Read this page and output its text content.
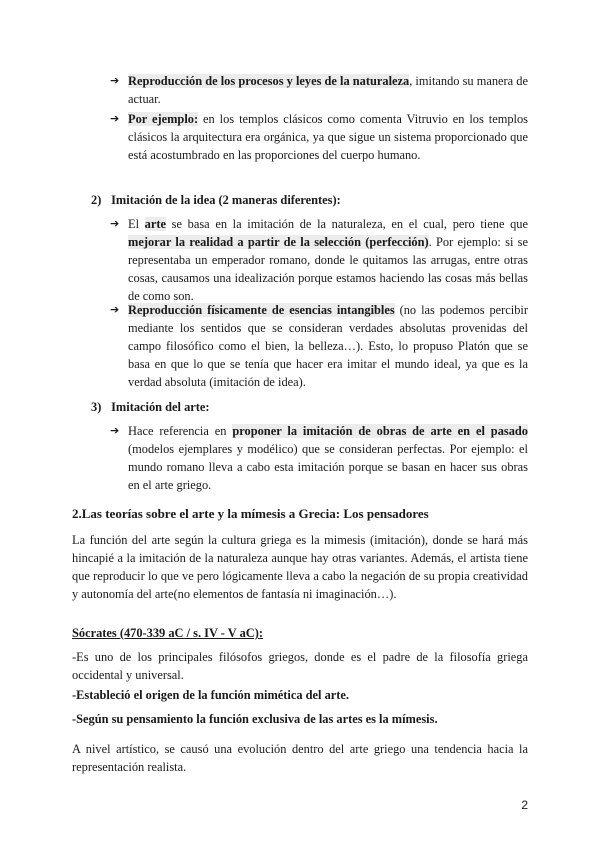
➔ Reproducción de los procesos y leyes de la naturaleza, imitando su manera de actuar.
➔ Por ejemplo: en los templos clásicos como comenta Vitruvio en los templos clásicos la arquitectura era orgánica, ya que sigue un sistema proporcionado que está acostumbrado en las proporciones del cuerpo humano.
2) Imitación de la idea (2 maneras diferentes):
➔ El arte se basa en la imitación de la naturaleza, en el cual, pero tiene que mejorar la realidad a partir de la selección (perfección). Por ejemplo: si se representaba un emperador romano, donde le quitamos las arrugas, entre otras cosas, causamos una idealización porque estamos haciendo las cosas más bellas de como son.
➔ Reproducción físicamente de esencias intangibles (no las podemos percibir mediante los sentidos que se consideran verdades absolutas provenidas del campo filosófico como el bien, la belleza…). Esto, lo propuso Platón que se basa en que lo que se tenía que hacer era imitar el mundo ideal, ya que es la verdad absoluta (imitación de idea).
3) Imitación del arte:
➔ Hace referencia en proponer la imitación de obras de arte en el pasado (modelos ejemplares y modélico) que se consideran perfectas. Por ejemplo: el mundo romano lleva a cabo esta imitación porque se basan en hacer sus obras en el arte griego.
2.Las teorías sobre el arte y la mímesis a Grecia: Los pensadores
La función del arte según la cultura griega es la mimesis (imitación), donde se hará más hincapié a la imitación de la naturaleza aunque hay otras variantes. Además, el artista tiene que reproducir lo que ve pero lógicamente lleva a cabo la negación de su propia creatividad y autonomía del arte(no elementos de fantasía ni imaginación…).
Sócrates (470-339 aC / s. IV - V aC):
-Es uno de los principales filósofos griegos, donde es el padre de la filosofía griega occidental y universal.
-Estableció el origen de la función mimética del arte.
-Según su pensamiento la función exclusiva de las artes es la mímesis.
A nivel artístico, se causó una evolución dentro del arte griego una tendencia hacia la representación realista.
2
